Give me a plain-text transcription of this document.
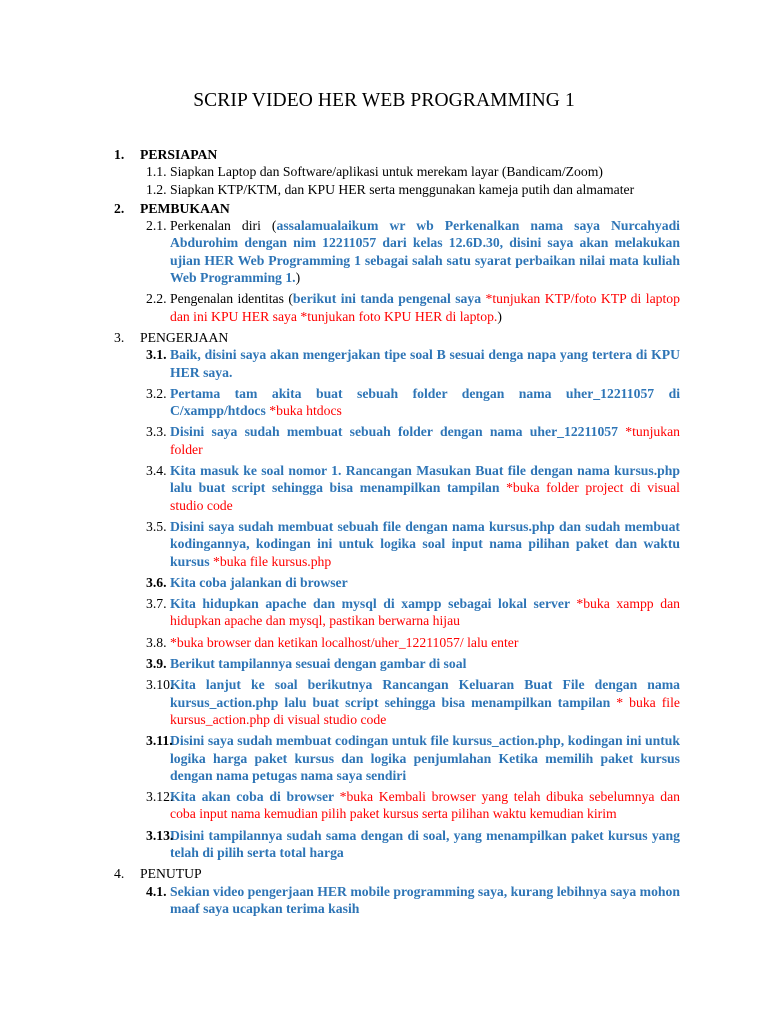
SCRIP VIDEO HER WEB PROGRAMMING 1
1. PERSIAPAN
1.1. Siapkan Laptop dan Software/aplikasi untuk merekam layar (Bandicam/Zoom)
1.2. Siapkan KTP/KTM, dan KPU HER serta menggunakan kameja putih dan almamater
2. PEMBUKAAN
2.1. Perkenalan diri (assalamualaikum wr wb Perkenalkan nama saya Nurcahyadi Abdurohim dengan nim 12211057 dari kelas 12.6D.30, disini saya akan melakukan ujian HER Web Programming 1 sebagai salah satu syarat perbaikan nilai mata kuliah Web Programming 1.)
2.2. Pengenalan identitas (berikut ini tanda pengenal saya *tunjukan KTP/foto KTP di laptop dan ini KPU HER saya *tunjukan foto KPU HER di laptop.)
3. PENGERJAAN
3.1. Baik, disini saya akan mengerjakan tipe soal B sesuai denga napa yang tertera di KPU HER saya.
3.2. Pertama tam akita buat sebuah folder dengan nama uher_12211057 di C/xampp/htdocs *buka htdocs
3.3. Disini saya sudah membuat sebuah folder dengan nama uher_12211057 *tunjukan folder
3.4. Kita masuk ke soal nomor 1. Rancangan Masukan Buat file dengan nama kursus.php lalu buat script sehingga bisa menampilkan tampilan *buka folder project di visual studio code
3.5. Disini saya sudah membuat sebuah file dengan nama kursus.php dan sudah membuat kodingannya, kodingan ini untuk logika soal input nama pilihan paket dan waktu kursus *buka file kursus.php
3.6. Kita coba jalankan di browser
3.7. Kita hidupkan apache dan mysql di xampp sebagai lokal server *buka xampp dan hidupkan apache dan mysql, pastikan berwarna hijau
3.8. *buka browser dan ketikan localhost/uher_12211057/ lalu enter
3.9. Berikut tampilannya sesuai dengan gambar di soal
3.10.
Kita lanjut ke soal berikutnya Rancangan Keluaran Buat File dengan nama kursus_action.php lalu buat script sehingga bisa menampilkan tampilan * buka file kursus_action.php di visual studio code
3.11.
Disini saya sudah membuat codingan untuk file kursus_action.php, kodingan ini untuk logika harga paket kursus dan logika penjumlahan Ketika memilih paket kursus dengan nama petugas nama saya sendiri
3.12.
Kita akan coba di browser *buka Kembali browser yang telah dibuka sebelumnya dan coba input nama kemudian pilih paket kursus serta pilihan waktu kemudian kirim
3.13.
Disini tampilannya sudah sama dengan di soal, yang menampilkan paket kursus yang telah di pilih serta total harga
4. PENUTUP
4.1. Sekian video pengerjaan HER mobile programming saya, kurang lebihnya saya mohon maaf saya ucapkan terima kasih
